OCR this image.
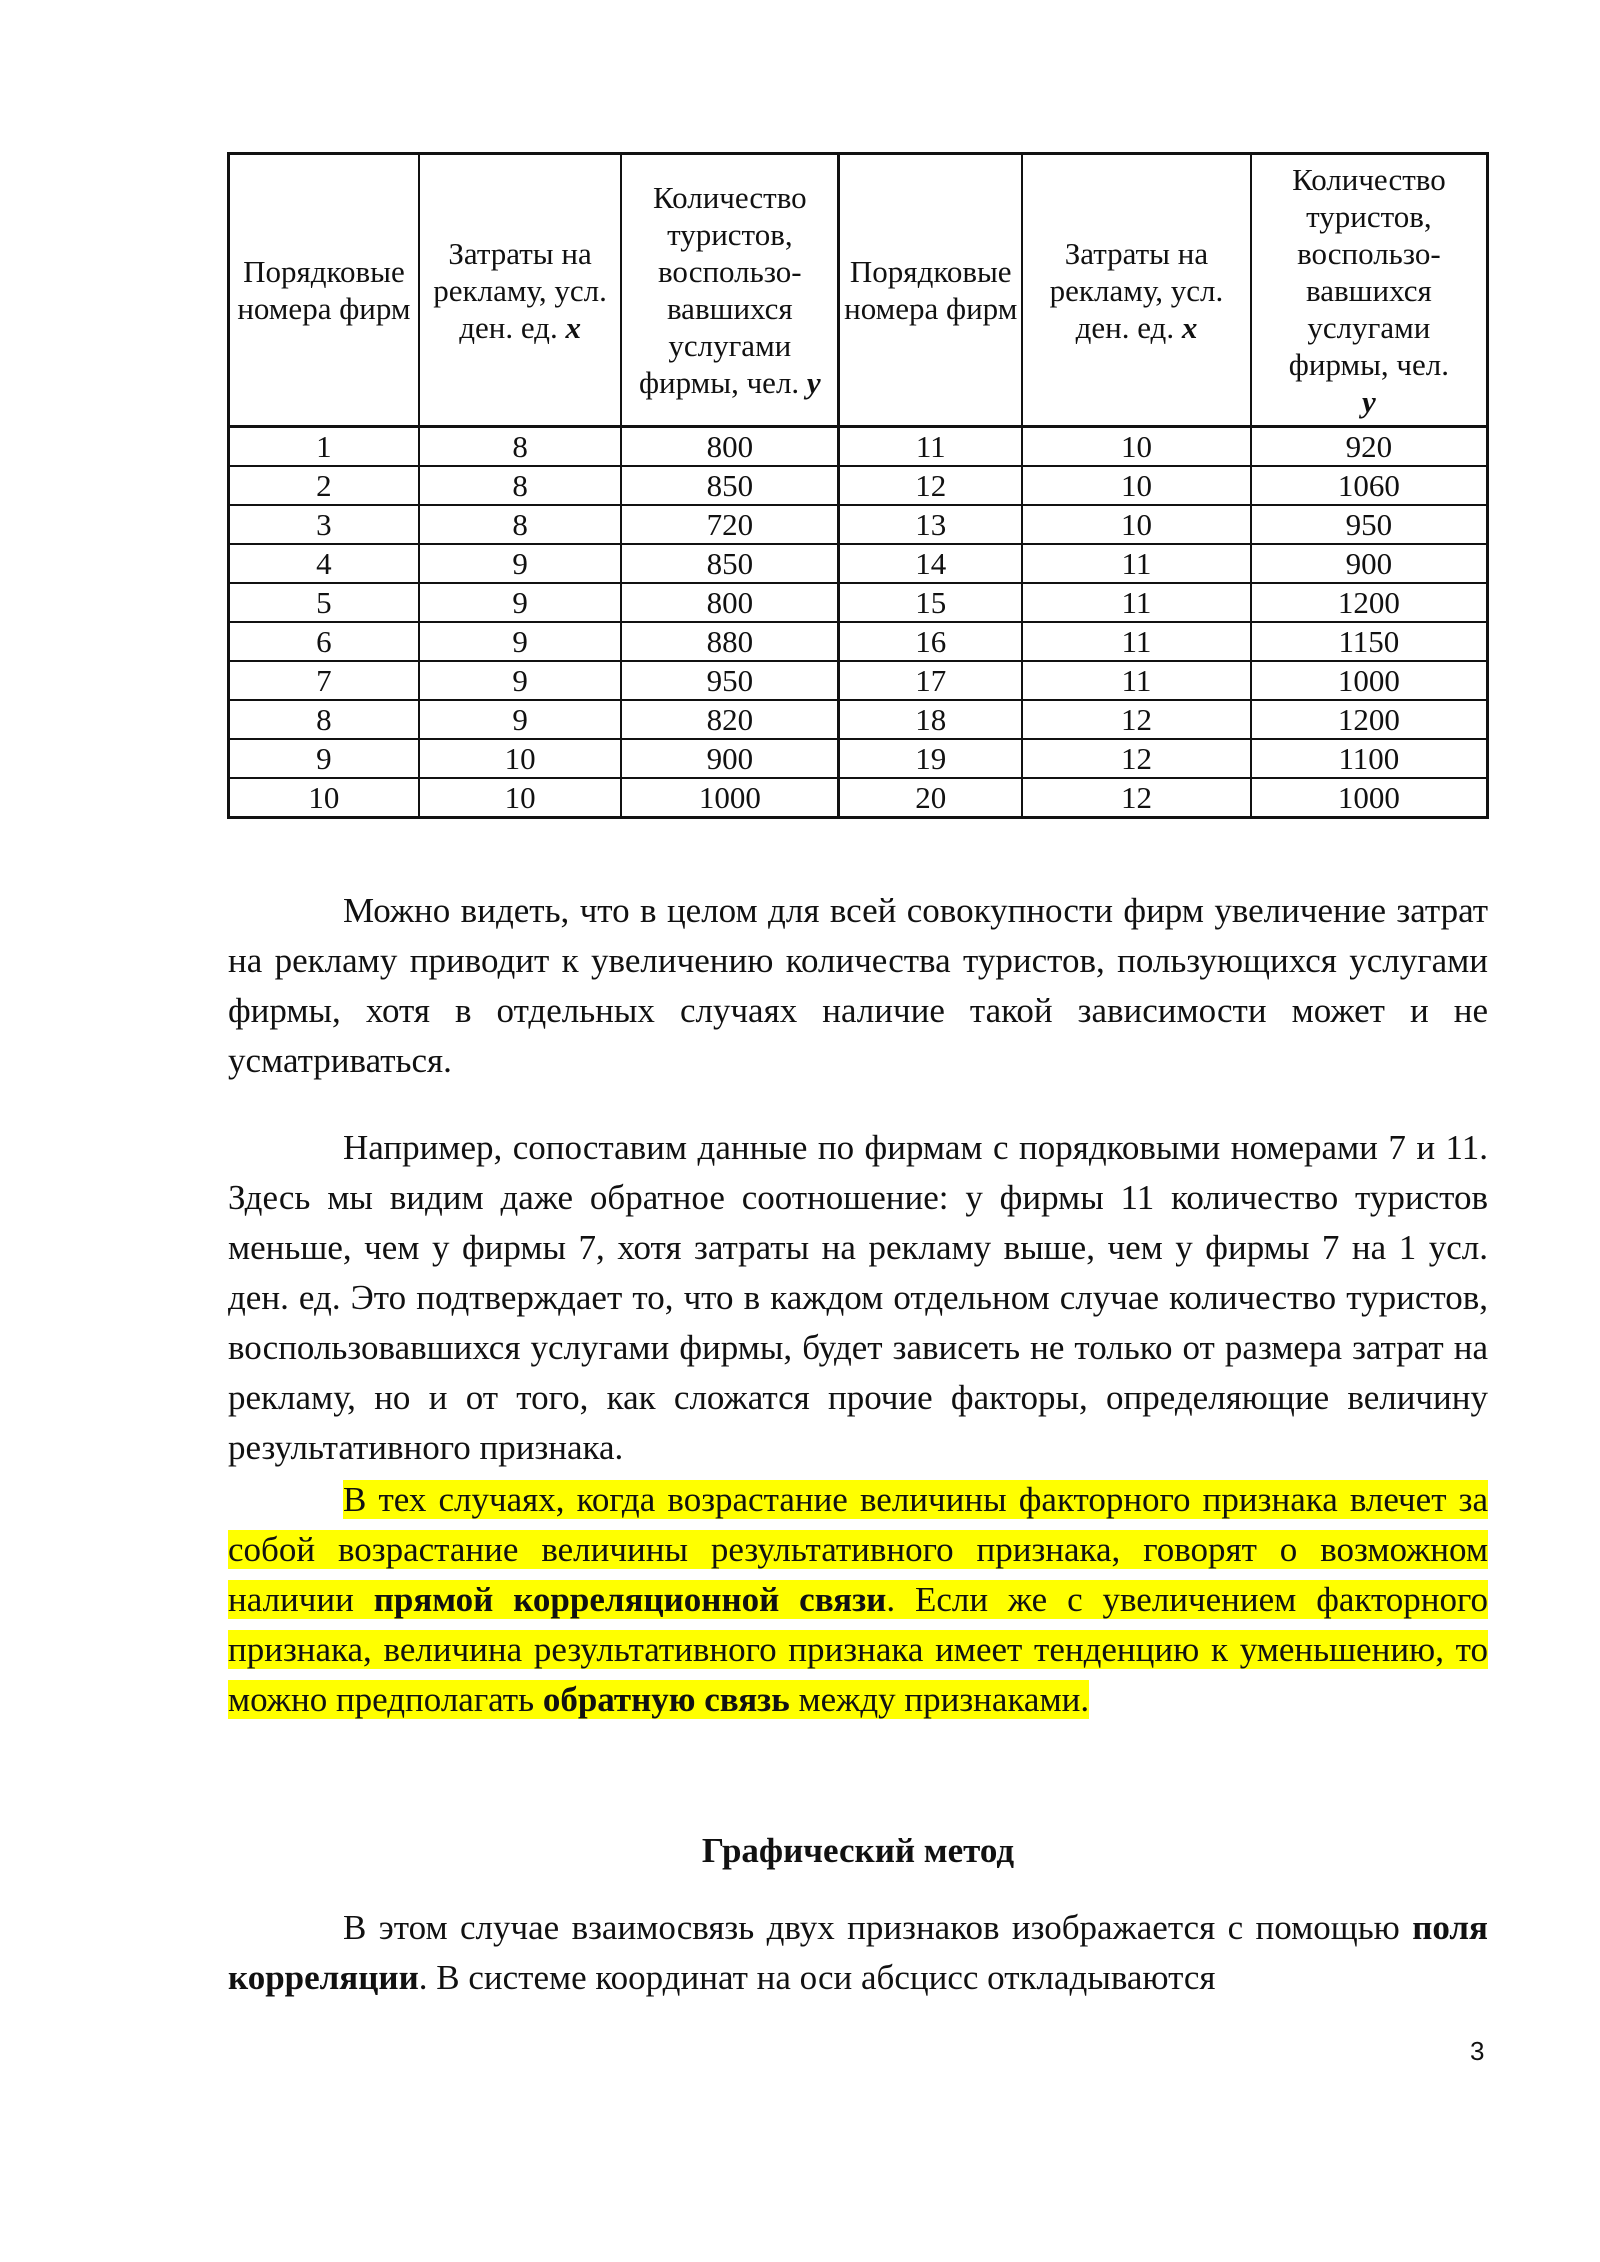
Порядковые номера фирм	Затраты на рекламу, усл. ден. ед. x	Количество туристов, воспользо-вавшихся услугами фирмы, чел. y	Порядковые номера фирм	Затраты на рекламу, усл. ден. ед. x	Количество туристов, воспользо-вавшихся услугами фирмы, чел.
y
1	8	800	11	10	920
2	8	850	12	10	1060
3	8	720	13	10	950
4	9	850	14	11	900
5	9	800	15	11	1200
6	9	880	16	11	1150
7	9	950	17	11	1000
8	9	820	18	12	1200
9	10	900	19	12	1100
10	10	1000	20	12	1000

Можно видеть, что в целом для всей совокупности фирм увеличение затрат на рекламу приводит к увеличению количества туристов, пользующихся услугами фирмы, хотя в отдельных случаях наличие такой зависимости может и не усматриваться.

Например, сопоставим данные по фирмам с порядковыми номерами 7 и 11. Здесь мы видим даже обратное соотношение: у фирмы 11 количество туристов меньше, чем у фирмы 7, хотя затраты на рекламу выше, чем у фирмы 7 на 1 усл. ден. ед. Это подтверждает то, что в каждом отдельном случае количество туристов, воспользовавшихся услугами фирмы, будет зависеть не только от размера затрат на рекламу, но и от того, как сложатся прочие факторы, определяющие величину результативного признака.

В тех случаях, когда возрастание величины факторного признака влечет за собой возрастание величины результативного признака, говорят о возможном наличии прямой корреляционной связи. Если же с увеличением факторного признака, величина результативного признака имеет тенденцию к уменьшению, то можно предполагать обратную связь между признаками.

Графический метод

В этом случае взаимосвязь двух признаков изображается с помощью поля корреляции. В системе координат на оси абсцисс откладываются

3
